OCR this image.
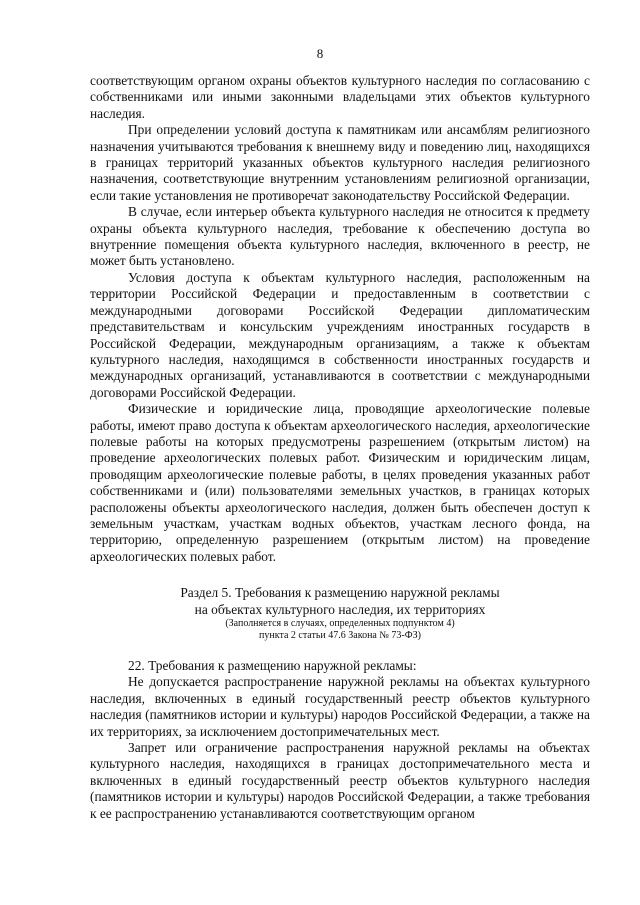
8

соответствующим органом охраны объектов культурного наследия по согласованию с собственниками или иными законными владельцами этих объектов культурного наследия.

При определении условий доступа к памятникам или ансамблям религиозного назначения учитываются требования к внешнему виду и поведению лиц, находящихся в границах территорий указанных объектов культурного наследия религиозного назначения, соответствующие внутренним установлениям религиозной организации, если такие установления не противоречат законодательству Российской Федерации.

В случае, если интерьер объекта культурного наследия не относится к предмету охраны объекта культурного наследия, требование к обеспечению доступа во внутренние помещения объекта культурного наследия, включенного в реестр, не может быть установлено.

Условия доступа к объектам культурного наследия, расположенным на территории Российской Федерации и предоставленным в соответствии с международными договорами Российской Федерации дипломатическим представительствам и консульским учреждениям иностранных государств в Российской Федерации, международным организациям, а также к объектам культурного наследия, находящимся в собственности иностранных государств и международных организаций, устанавливаются в соответствии с международными договорами Российской Федерации.

Физические и юридические лица, проводящие археологические полевые работы, имеют право доступа к объектам археологического наследия, археологические полевые работы на которых предусмотрены разрешением (открытым листом) на проведение археологических полевых работ. Физическим и юридическим лицам, проводящим археологические полевые работы, в целях проведения указанных работ собственниками и (или) пользователями земельных участков, в границах которых расположены объекты археологического наследия, должен быть обеспечен доступ к земельным участкам, участкам водных объектов, участкам лесного фонда, на территорию, определенную разрешением (открытым листом) на проведение археологических полевых работ.

Раздел 5. Требования к размещению наружной рекламы
на объектах культурного наследия, их территориях
(Заполняется в случаях, определенных подпунктом 4)
пункта 2 статьи 47.6 Закона № 73-ФЗ)

22. Требования к размещению наружной рекламы:

Не допускается распространение наружной рекламы на объектах культурного наследия, включенных в единый государственный реестр объектов культурного наследия (памятников истории и культуры) народов Российской Федерации, а также на их территориях, за исключением достопримечательных мест.

Запрет или ограничение распространения наружной рекламы на объектах культурного наследия, находящихся в границах достопримечательного места и включенных в единый государственный реестр объектов культурного наследия (памятников истории и культуры) народов Российской Федерации, а также требования к ее распространению устанавливаются соответствующим органом
